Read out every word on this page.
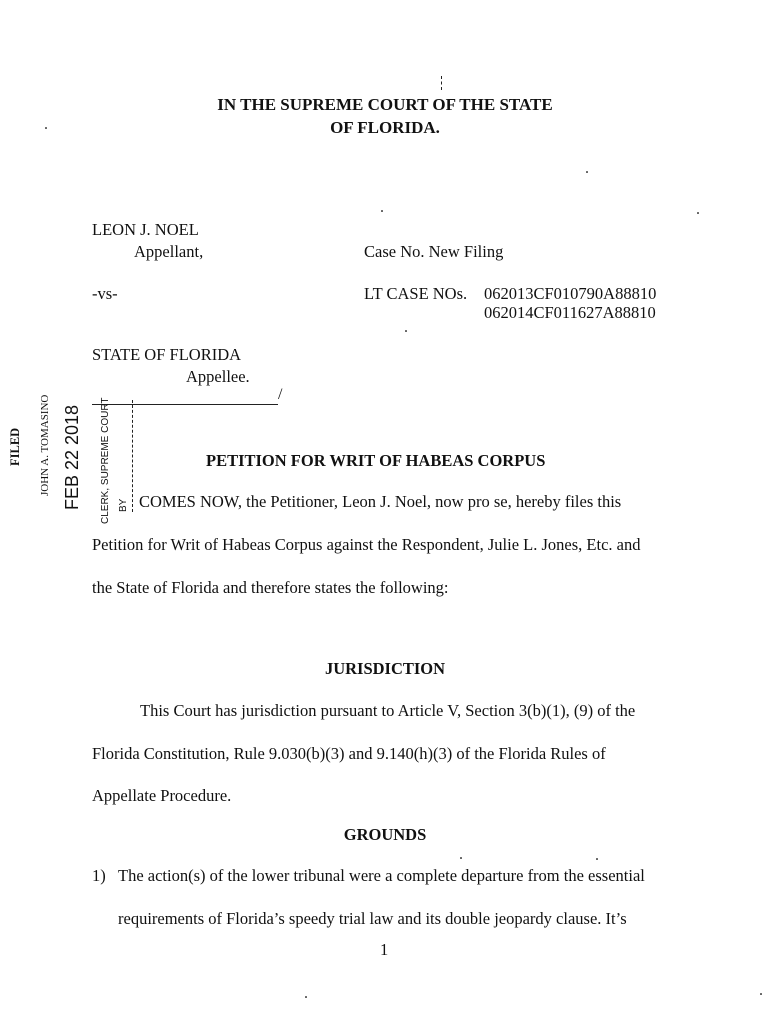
IN THE SUPREME COURT OF THE STATE
OF FLORIDA.
LEON J. NOEL
Appellant,
-vs-
STATE OF FLORIDA
Appellee.
Case No. New Filing
LT CASE NOs. 062013CF010790A88810
062014CF011627A88810
/
FILED JOHN A. TOMASINO FEB 22 2018 CLERK, SUPREME COURT BY
PETITION FOR WRIT OF HABEAS CORPUS
COMES NOW, the Petitioner, Leon J. Noel, now pro se, hereby files this
Petition for Writ of Habeas Corpus against the Respondent, Julie L. Jones, Etc. and
the State of Florida and therefore states the following:
JURISDICTION
This Court has jurisdiction pursuant to Article V, Section 3(b)(1), (9) of the
Florida Constitution, Rule 9.030(b)(3) and 9.140(h)(3) of the Florida Rules of
Appellate Procedure.
GROUNDS
1) The action(s) of the lower tribunal were a complete departure from the essential
requirements of Florida’s speedy trial law and its double jeopardy clause. It’s
1
